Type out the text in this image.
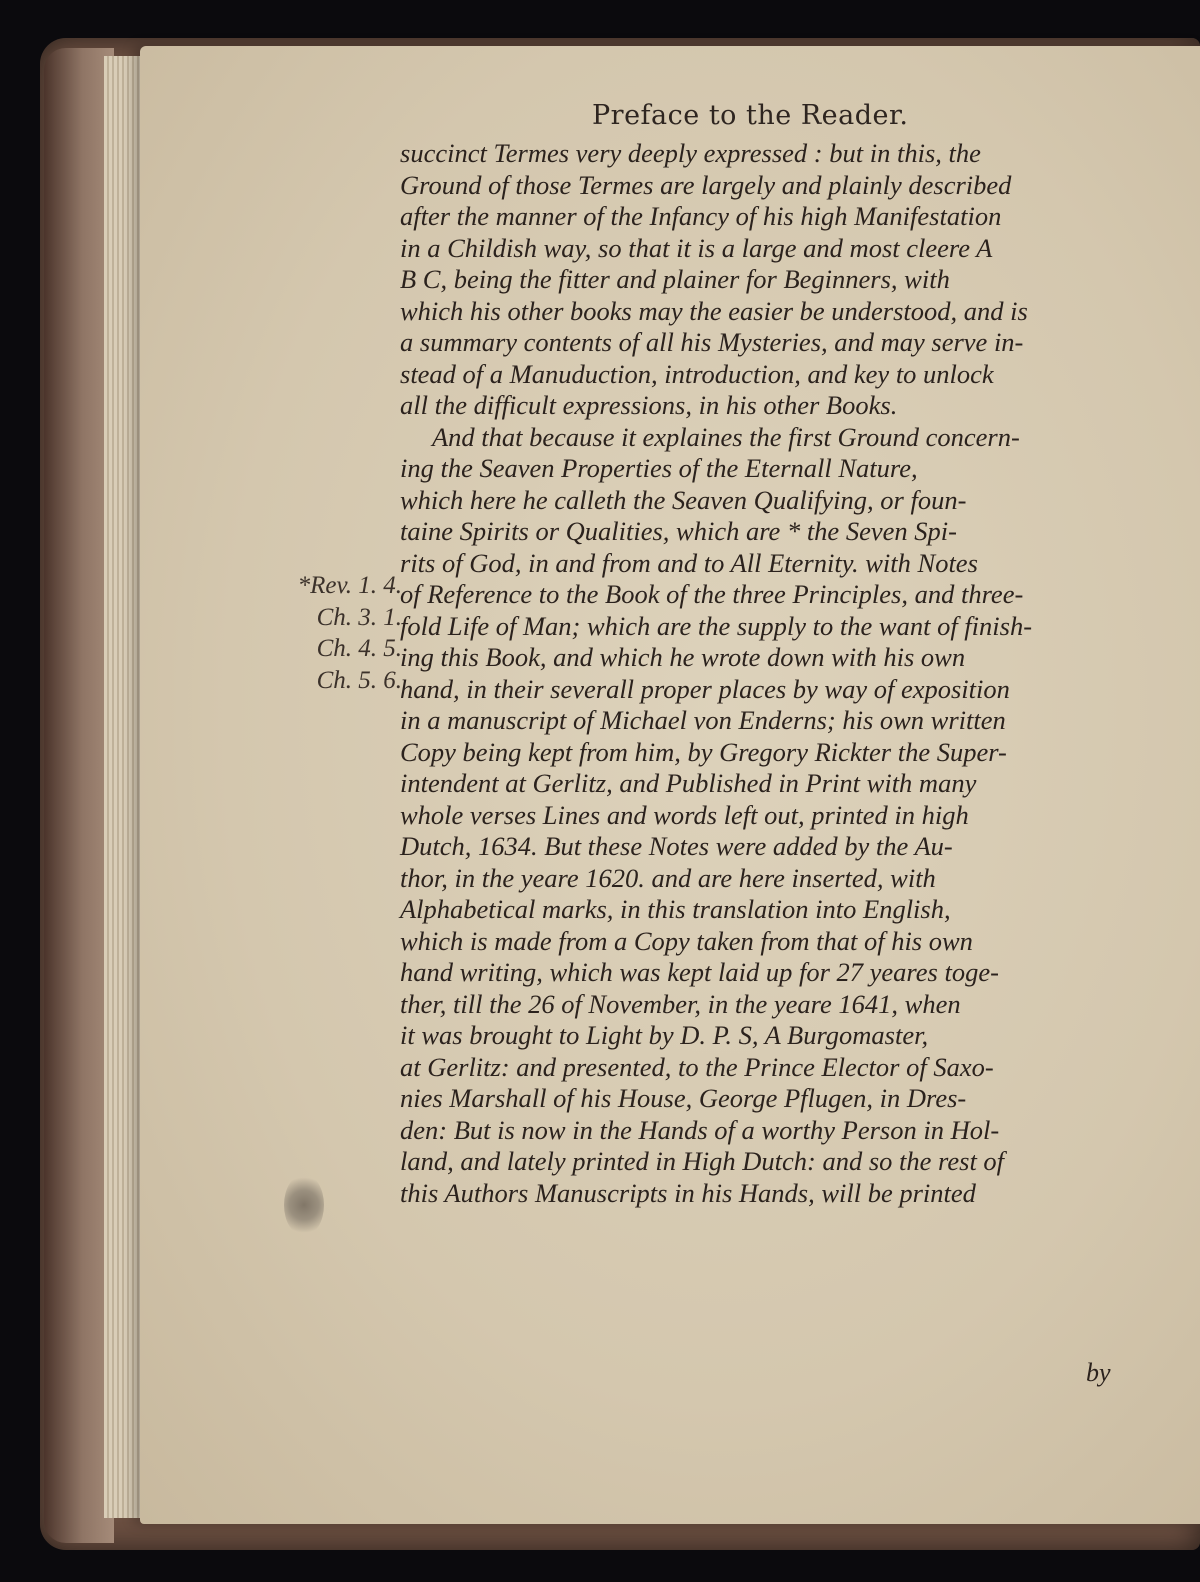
Preface to the Reader.
succinct Termes very deeply expressed : but in this, the
Ground of those Termes are largely and plainly described
after the manner of the Infancy of his high Manifestation
in a Childish way, so that it is a large and most cleere A
B C, being the fitter and plainer for Beginners, with
which his other books may the easier be understood, and is
a summary contents of all his Mysteries, and may serve in-
stead of a Manuduction, introduction, and key to unlock
all the difficult expressions, in his other Books.
And that because it explaines the first Ground concern-
ing the Seaven Properties of the Eternall Nature,
which here he calleth the Seaven Qualifying, or foun-
taine Spirits or Qualities, which are * the Seven Spi-
rits of God, in and from and to All Eternity. with Notes
of Reference to the Book of the three Principles, and three-
fold Life of Man; which are the supply to the want of finish-
ing this Book, and which he wrote down with his own
hand, in their severall proper places by way of exposition
in a manuscript of Michael von Enderns; his own written
Copy being kept from him, by Gregory Rickter the Super-
intendent at Gerlitz, and Published in Print with many
whole verses Lines and words left out, printed in high
Dutch, 1634. But these Notes were added by the Au-
thor, in the yeare 1620. and are here inserted, with
Alphabetical marks, in this translation into English,
which is made from a Copy taken from that of his own
hand writing, which was kept laid up for 27 yeares toge-
ther, till the 26 of November, in the yeare 1641, when
it was brought to Light by D. P. S, A Burgomaster,
at Gerlitz: and presented, to the Prince Elector of Saxo-
nies Marshall of his House, George Pflugen, in Dres-
den: But is now in the Hands of a worthy Person in Hol-
land, and lately printed in High Dutch: and so the rest of
this Authors Manuscripts in his Hands, will be printed
*Rev. 1. 4.
Ch. 3. 1.
Ch. 4. 5.
Ch. 5. 6.
by
